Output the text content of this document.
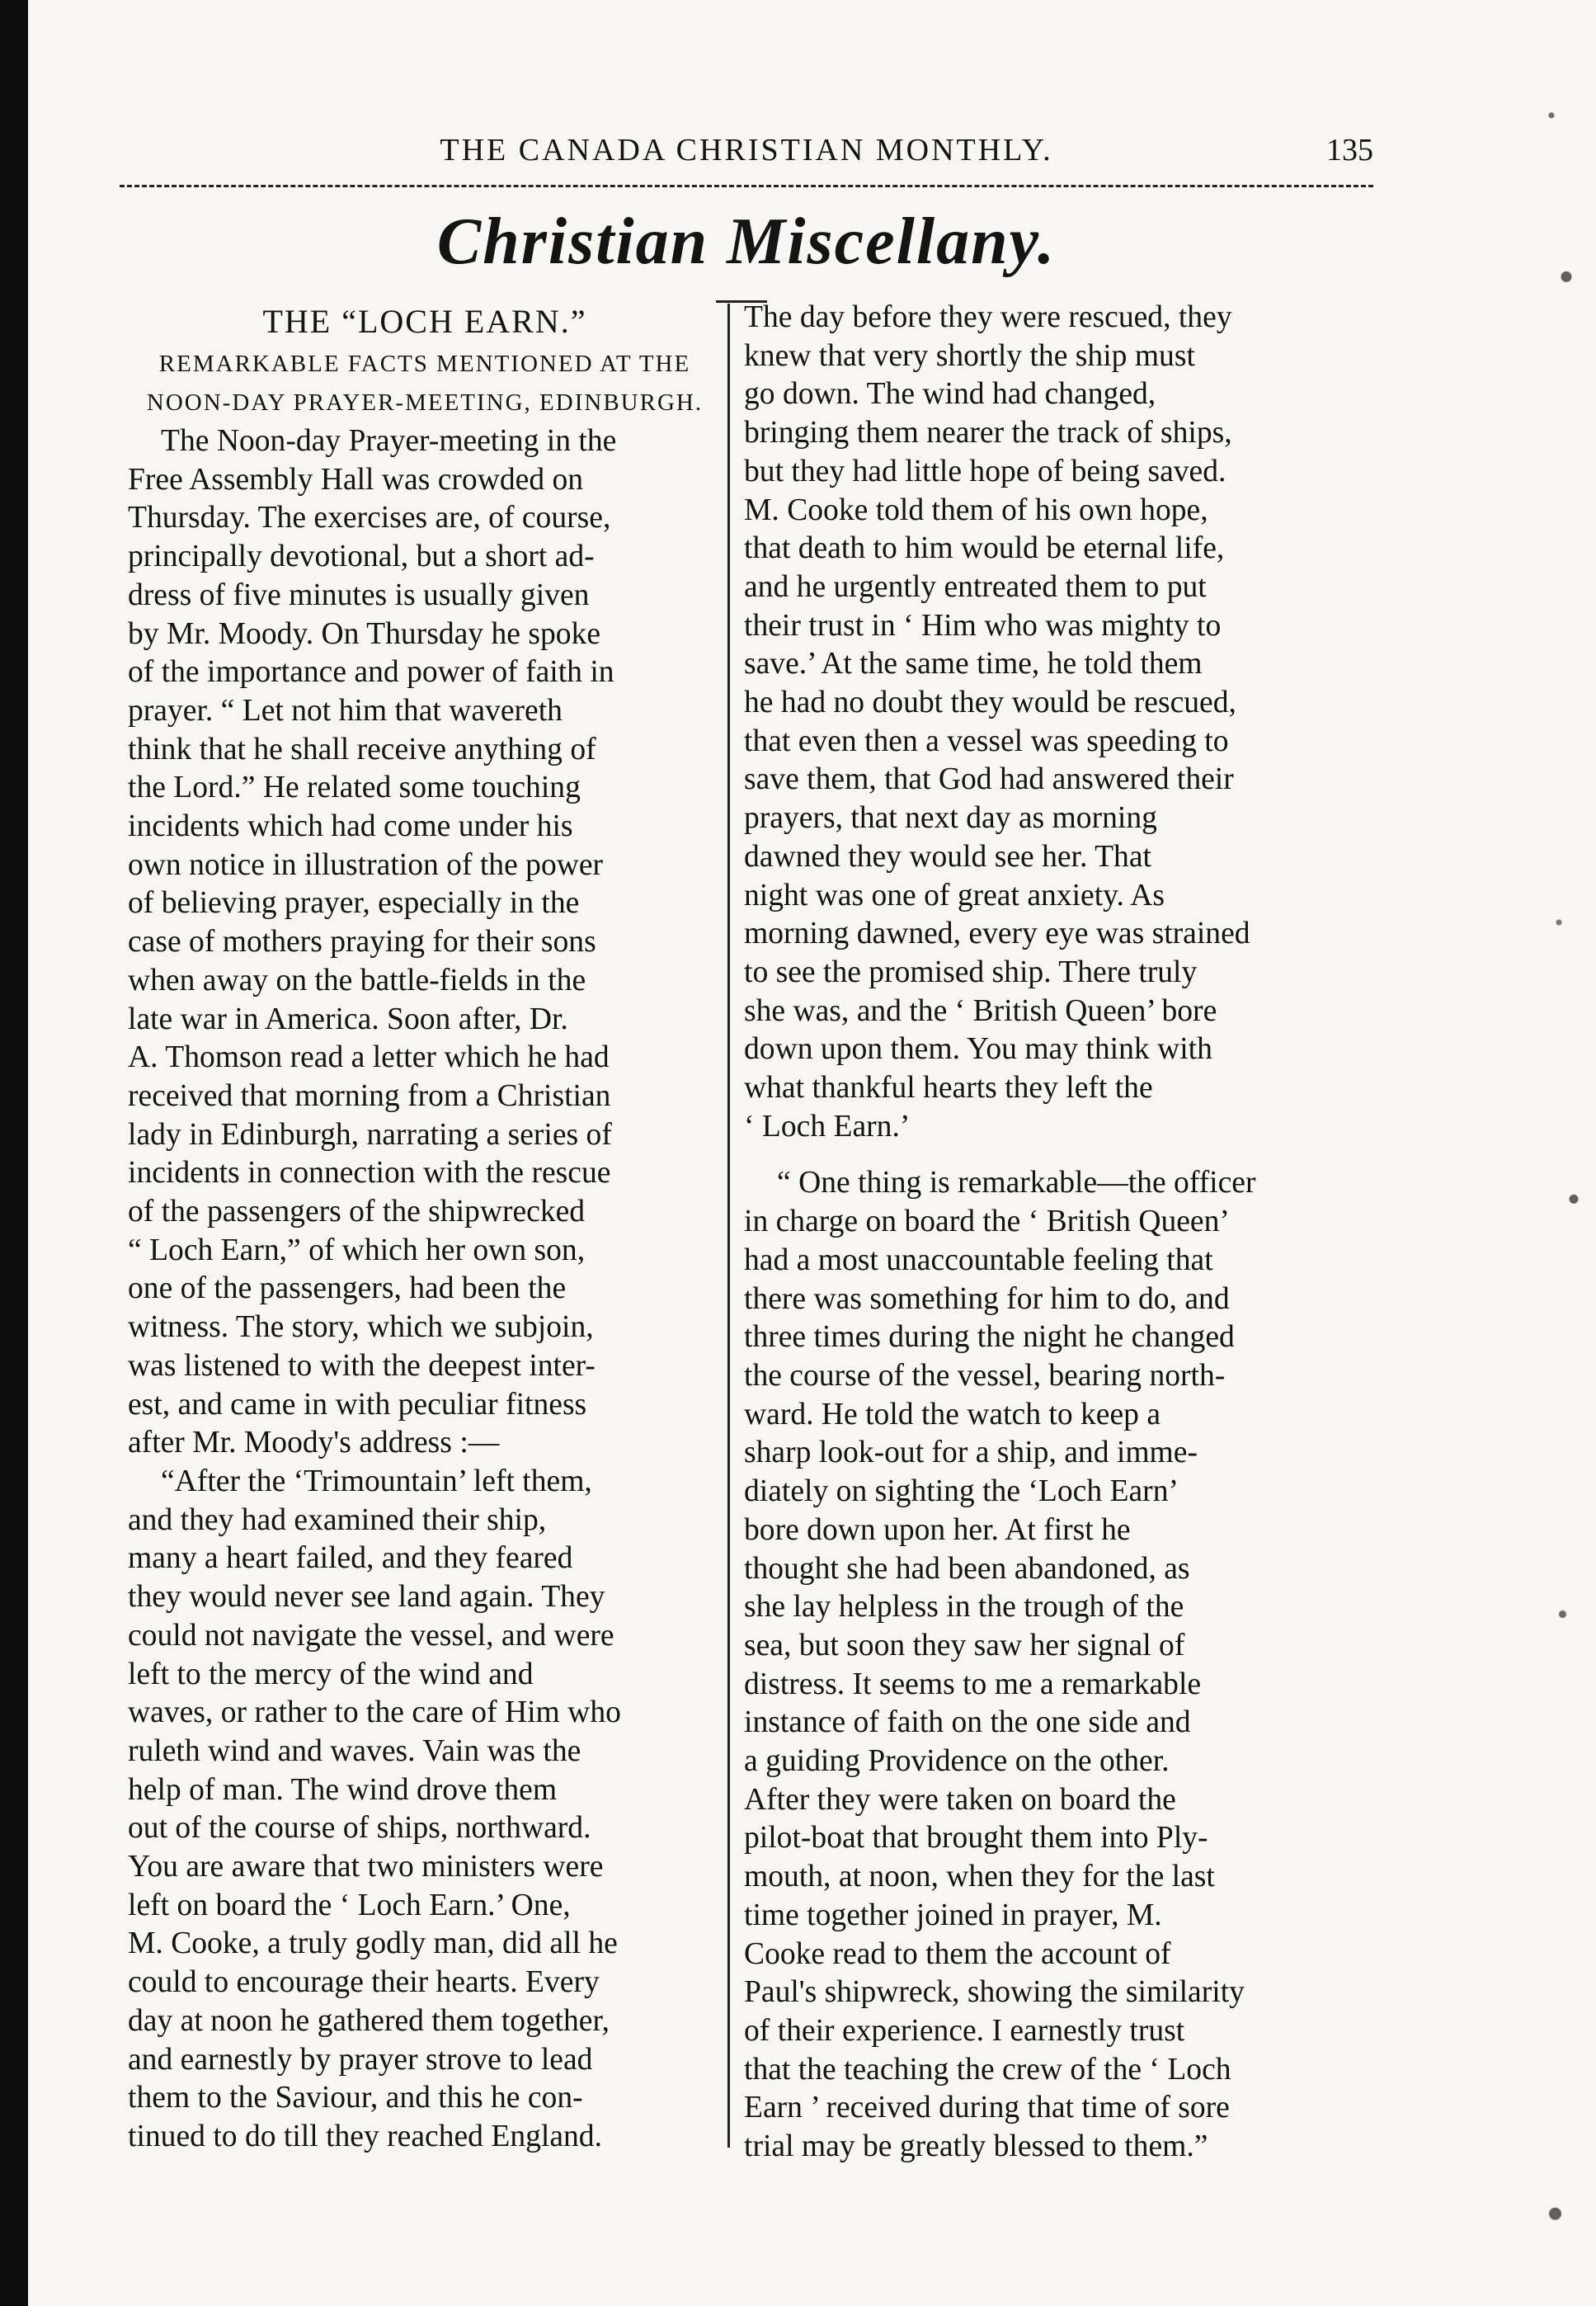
THE CANADA CHRISTIAN MONTHLY.	135
Christian Miscellany.
THE “LOCH EARN.”
REMARKABLE FACTS MENTIONED AT THE
NOON-DAY PRAYER-MEETING, EDINBURGH.
The Noon-day Prayer-meeting in the
Free Assembly Hall was crowded on
Thursday. The exercises are, of course,
principally devotional, but a short ad-
dress of five minutes is usually given
by Mr. Moody. On Thursday he spoke
of the importance and power of faith in
prayer. “ Let not him that wavereth
think that he shall receive anything of
the Lord.” He related some touching
incidents which had come under his
own notice in illustration of the power
of believing prayer, especially in the
case of mothers praying for their sons
when away on the battle-fields in the
late war in America. Soon after, Dr.
A. Thomson read a letter which he had
received that morning from a Christian
lady in Edinburgh, narrating a series of
incidents in connection with the rescue
of the passengers of the shipwrecked
“ Loch Earn,” of which her own son,
one of the passengers, had been the
witness. The story, which we subjoin,
was listened to with the deepest inter-
est, and came in with peculiar fitness
after Mr. Moody's address :—
“After the ‘Trimountain’ left them,
and they had examined their ship,
many a heart failed, and they feared
they would never see land again. They
could not navigate the vessel, and were
left to the mercy of the wind and
waves, or rather to the care of Him who
ruleth wind and waves. Vain was the
help of man. The wind drove them
out of the course of ships, northward.
You are aware that two ministers were
left on board the ‘ Loch Earn.’ One,
M. Cooke, a truly godly man, did all he
could to encourage their hearts. Every
day at noon he gathered them together,
and earnestly by prayer strove to lead
them to the Saviour, and this he con-
tinued to do till they reached England.
The day before they were rescued, they
knew that very shortly the ship must
go down. The wind had changed,
bringing them nearer the track of ships,
but they had little hope of being saved.
M. Cooke told them of his own hope,
that death to him would be eternal life,
and he urgently entreated them to put
their trust in ‘ Him who was mighty to
save.’ At the same time, he told them
he had no doubt they would be rescued,
that even then a vessel was speeding to
save them, that God had answered their
prayers, that next day as morning
dawned they would see her. That
night was one of great anxiety. As
morning dawned, every eye was strained
to see the promised ship. There truly
she was, and the ‘ British Queen’ bore
down upon them. You may think with
what thankful hearts they left the
‘ Loch Earn.’
“ One thing is remarkable—the officer
in charge on board the ‘ British Queen’
had a most unaccountable feeling that
there was something for him to do, and
three times during the night he changed
the course of the vessel, bearing north-
ward. He told the watch to keep a
sharp look-out for a ship, and imme-
diately on sighting the ‘Loch Earn’
bore down upon her. At first he
thought she had been abandoned, as
she lay helpless in the trough of the
sea, but soon they saw her signal of
distress. It seems to me a remarkable
instance of faith on the one side and
a guiding Providence on the other.
After they were taken on board the
pilot-boat that brought them into Ply-
mouth, at noon, when they for the last
time together joined in prayer, M.
Cooke read to them the account of
Paul's shipwreck, showing the similarity
of their experience. I earnestly trust
that the teaching the crew of the ‘ Loch
Earn ’ received during that time of sore
trial may be greatly blessed to them.”
